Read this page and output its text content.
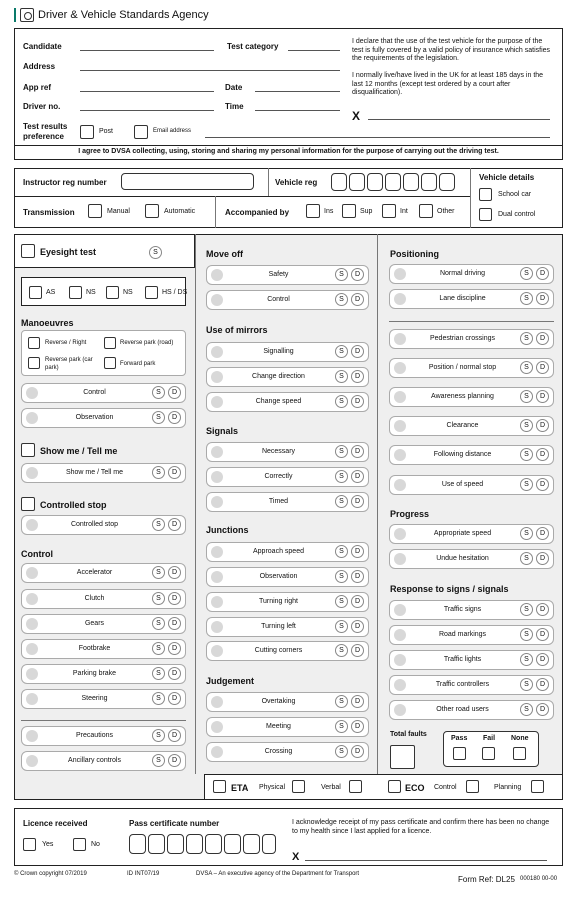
Driver & Vehicle Standards Agency
Candidate	Test category
Address
App ref	Date
Driver no.	Time
Test results preference
Post	Email address
I declare that the use of the test vehicle for the purpose of the test is fully covered by a valid policy of insurance which satisfies the requirements of the legislation.
I normally live/have lived in the UK for at least 185 days in the last 12 months (except test ordered by a court after disqualification).
X
I agree to DVSA collecting, using, storing and sharing my personal information for the purpose of carrying out the driving test.
Instructor reg number	Vehicle reg
Vehicle details
School car
Dual control
Transmission	Manual	Automatic	Accompanied by	Ins	Sup	Int	Other
Eyesight test	S
AS	NS	NS	HS / DS
Manoeuvres
Reverse / Right	Reverse park (road)
Reverse park (car park)
Forward park
Control	S	D
Observation	S	D
Show me / Tell me
Show me / Tell me	S	D
Controlled stop
Controlled stop	S	D
Control
Accelerator	S	D
Clutch	S	D
Gears	S	D
Footbrake	S	D
Parking brake	S	D
Steering	S	D
Precautions	S	D
Ancillary controls	S	D
Move off
Safety	S	D
Control	S	D
Use of mirrors
Signalling	S	D
Change direction	S	D
Change speed	S	D
Signals
Necessary	S	D
Correctly	S	D
Timed	S	D
Junctions
Approach speed	S	D
Observation	S	D
Turning right	S	D
Turning left	S	D
Cutting corners	S	D
Judgement
Overtaking	S	D
Meeting	S	D
Crossing	S	D
ETA Physical	Verbal	ECO Control	Planning
Positioning
Normal driving	S	D
Lane discipline	S	D
Pedestrian crossings	S	D
Position / normal stop	S	D
Awareness planning	S	D
Clearance	S	D
Following distance	S	D
Use of speed	S	D
Progress
Appropriate speed	S	D
Undue hesitation	S	D
Response to signs / signals
Traffic signs	S	D
Road markings	S	D
Traffic lights	S	D
Traffic controllers	S	D
Other road users	S	D
Total faults
Pass Fail None
Licence received
Yes	No
Pass certificate number	I acknowledge receipt of my pass certificate and confirm there has been no change to my health since I last applied for a licence.
X
© Crown copyright 07/2019	ID INT07/19	DVSA – An executive agency of the Department for Transport
Form Ref: DL25 000180 00-00
